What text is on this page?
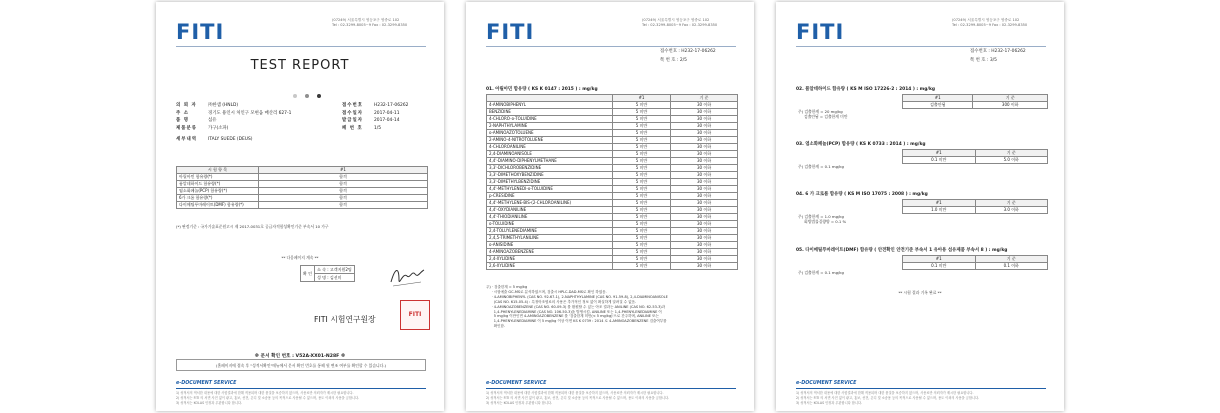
FITI	(07249) 서울특별시 영등포구 영중로 102
Tel : 02-3299-8005~9 Fax : 02-3299-8350
TEST REPORT

의 뢰 자	㈜한샘 (HNLD)
주 소	경기도 용인시 처인구 모현읍 매산리 627-1
품 명	섬유
제품분류	가구(소파)
세부내역	ITALY SUEDE (DEUS)
접수번호	H232-17-06262
접수일자	2017-04-11
발급일자	2017-04-14
페 번 호	1/5
시 험 항 목	#1
아릴아민 함유량(*)	합격
폼알데하이드 함유량(*)	합격
염소화페놀(PCP) 함유량(*)	합격
6가 크롬 함유량(*)	합격
다이메틸푸마레이트(DMF) 함유량(*)	합격
(*) 판정기준 : 국가기술표준원고시 제 2017-0031호 공급자적합성확인기준 부속서 10 가구
** 다음페이지 계속 **
확 인	소 속 : 고객지원2팀
성 명 : 김선미
FITI 시험연구원장
FITI
※ 문서 확인 번호 : V52A-XX01-N28F ※
(홈페이지에 접속 후 "성적서확인"메뉴에서 문서 확인 번호를 통해 원 변조 여부를 확인할 수 있습니다.)
e-DOCUMENT SERVICE
1) 성적서의 역서한 내용에 대한 사항결과에 한해 적용되며 대한 품질을 보증하지 않으며, 사용료만 의뢰자가 제시한 필요합니다.
2) 성적서는 FITI 의 서면 사전 없이 광고, 홍보, 선전, 온디 및 소송용 등의 목적으로 사용될 수 없으며, 용도 이외의 사용을 금합니다.
3) 성적서는 KOLAS 인정과 무관합니다 합니다.
FITI	(07249) 서울특별시 영등포구 영중로 102
Tel : 02-3299-8005~9 Fax : 02-3299-8350
접수번호 : H232-17-06262
쪽 번 호 : 2/5
01. 아릴아민 함유량 ( KS K 0147 : 2015 ) : mg/kg
	#1	기 준
4-AMINOBIPHENYL	5 미만	30 이하
BENZIDINE	5 미만	30 이하
4-CHLORO-o-TOLUIDINE	5 미만	30 이하
2-NAPHTHYLAMINE	5 미만	30 이하
o-AMINOAZOTOLUENE	5 미만	30 이하
2-AMINO-4-NITROTOLUENE	5 미만	30 이하
4-CHLOROANILINE	5 미만	30 이하
2,4-DIAMINOANISOLE	5 미만	30 이하
4,4'-DIAMINO-DIPHENYLMETHANE	5 미만	30 이하
3,3'-DICHLOROBENZIDINE	5 미만	30 이하
3,3'-DIMETHOXYBENZIDINE	5 미만	30 이하
3,3'-DIMETHYLBENZIDINE	5 미만	30 이하
4,4'-METHYLENEDI-o-TOLUIDINE	5 미만	30 이하
p-CRESIDINE	5 미만	30 이하
4,4'-METHYLENE-BIS-(2-CHLOROANILINE)	5 미만	30 이하
4,4'-OXYDIANILINE	5 미만	30 이하
4,4'-THIODIANILINE	5 미만	30 이하
o-TOLUIDINE	5 미만	30 이하
2,4-TOLUYLENEDIAMINE	5 미만	30 이하
2,4,5-TRIMETHYLANILINE	5 미만	30 이하
o-ANISIDINE	5 미만	30 이하
4-AMINOAZOBENZENE	5 미만	30 이하
2,4-XYLIDINE	5 미만	30 이하
2,6-XYLIDINE	5 미만	30 이하
주) · 검출한계 = 5 mg/kg
· 시험예출 GC-MS로 분석하였으며, 검출시 HPLC-DAD-MS로 확인 하였음.
· 4-AMINOBIPHENYL (CAS NO. 92-67-1), 2-NAPHTHYLAMINE (CAS NO. 91-59-8), 2,4-DIAMINOANISOLE
(CAS NO. 615-05-4) : 특정아조염료의 사용은 추가적인 정보 없이 확실하게 알려질 수 없음.
· 4-AMINOAZOBENZENE (CAS NO. 60-09-3) 를 환원할 수 있는 아조 결과는 ANILINE (CAS NO. 62-53-3)과
1,4-PHENYLENEDIAMINE (CAS NO. 106-50-3)을 발생시킴. ANILINE 또는 1,4-PHENYLENEDIAMINE 이
5 mg/kg 이만인면 4-AMINOAZOBENZENE 를 '검출한계 미만(< 5 mg/kg)'으로 간주하며, ANILINE 또는
1,4-PHENYLENEDIAMINE 이 5 mg/kg 이상 이면 KS K 0739 : 2014 로 4-AMINOAZOBENZENE 검출여부를
확인함.
e-DOCUMENT SERVICE
1) 성적서의 역서한 내용에 대한 사항결과에 한해 적용되며 대한 품질을 보증하지 않으며, 사용료만 의뢰자가 제시한 필요합니다.
2) 성적서는 FITI 의 서면 사전 없이 광고, 홍보, 선전, 온디 및 소송용 등의 목적으로 사용될 수 없으며, 용도 이외의 사용을 금합니다.
3) 성적서는 KOLAS 인정과 무관합니다 합니다.
FITI	(07249) 서울특별시 영등포구 영중로 102
Tel : 02-3299-8005~9 Fax : 02-3299-8350
접수번호 : H232-17-06262
쪽 번 호 : 3/5
02. 폼알데하이드 함유량 ( KS M ISO 17226-2 : 2014 ) : mg/kg
#1	기 준
검출안됨	300 이하
주) 검출한계 = 20 mg/kg
검출안됨 = 검출한계 미만
03. 염소화페놀(PCP) 함유량 ( KS K 0733 : 2014 ) : mg/kg
#1	기 준
0.1 미만	5.0 이하
주) 검출한계 = 0.1 mg/kg
04. 6 가 크로롬 함유량 ( KS M ISO 17075 : 2008 ) : mg/kg
#1	기 준
1.0 미만	3.0 이하
주) 검출한계 = 1.0 mg/kg
회방법률질량양 = 0.1 %
05. 다이메틸푸마레이트(DMF) 함유량 ( 안전확인 안전기준 부속서 1 유아용 섬유제품 부속서 8 ) : mg/kg
#1	기 준
0.1 미만	0.1 이하
주) 검출한계 = 0.1 mg/kg
** 시험 결과 기록 완료 **
e-DOCUMENT SERVICE
1) 성적서의 역서한 내용에 대한 사항결과에 한해 적용되며 대한 품질을 보증하지 않으며, 사용료만 의뢰자가 제시한 필요합니다.
2) 성적서는 FITI 의 서면 사전 없이 광고, 홍보, 선전, 온디 및 소송용 등의 목적으로 사용될 수 없으며, 용도 이외의 사용을 금합니다.
3) 성적서는 KOLAS 인정과 무관합니다 합니다.
